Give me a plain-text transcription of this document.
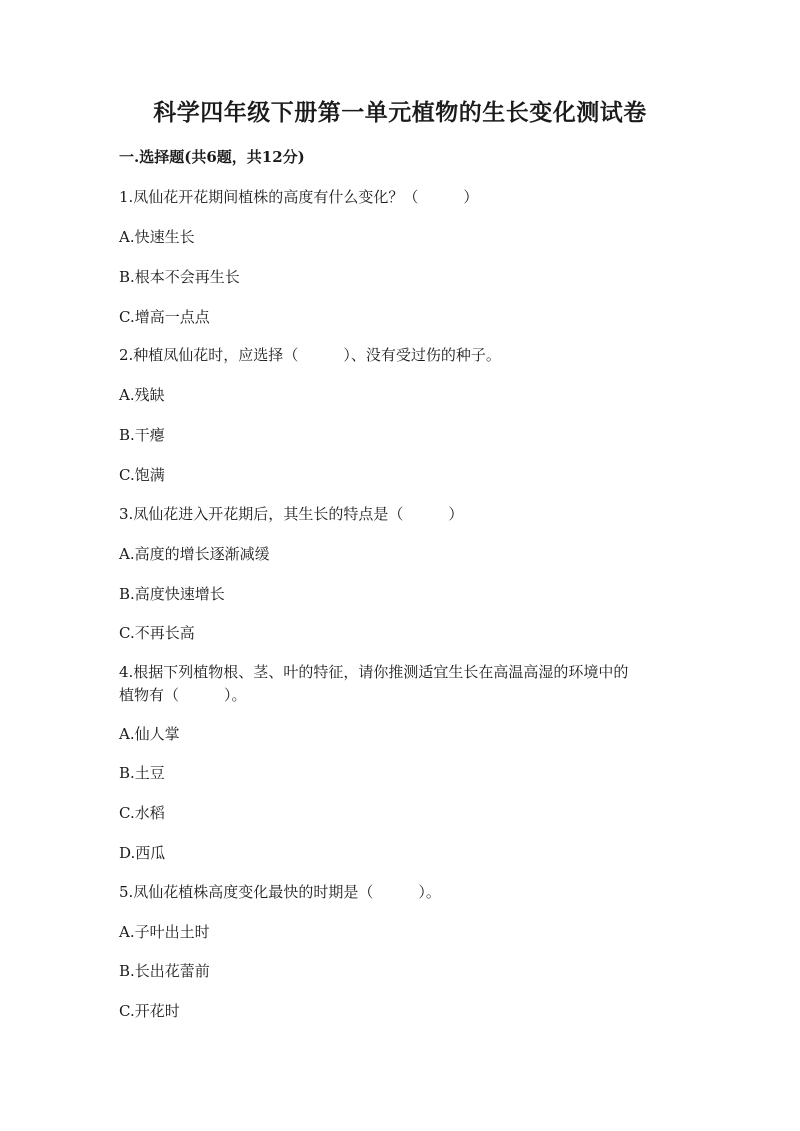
科学四年级下册第一单元植物的生长变化测试卷
一.选择题(共6题，共12分)
1.凤仙花开花期间植株的高度有什么变化？（　　　）
A.快速生长
B.根本不会再生长
C.增高一点点
2.种植凤仙花时，应选择（　　　）、没有受过伤的种子。
A.残缺
B.干瘪
C.饱满
3.凤仙花进入开花期后，其生长的特点是（　　　）
A.高度的增长逐渐减缓
B.高度快速增长
C.不再长高
4.根据下列植物根、茎、叶的特征，请你推测适宜生长在高温高湿的环境中的
植物有（　　　）。
A.仙人掌
B.土豆
C.水稻
D.西瓜
5.凤仙花植株高度变化最快的时期是（　　　）。
A.子叶出土时
B.长出花蕾前
C.开花时
